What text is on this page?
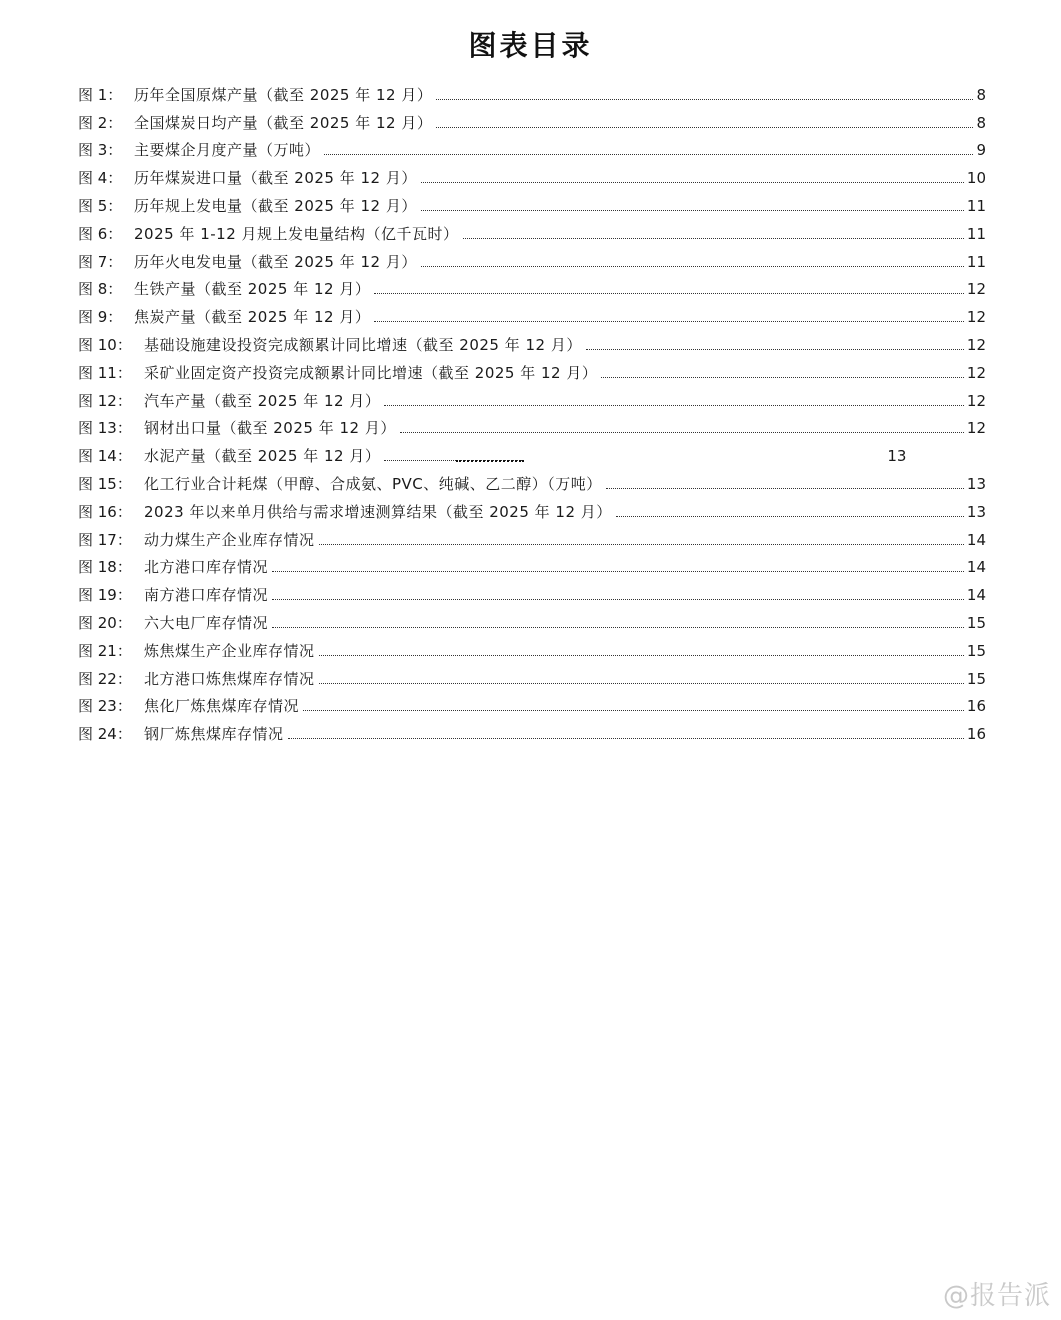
图表目录
图 1： 历年全国原煤产量（截至 2025 年 12 月）	8
图 2： 全国煤炭日均产量（截至 2025 年 12 月）	8
图 3： 主要煤企月度产量（万吨）	9
图 4： 历年煤炭进口量（截至 2025 年 12 月）	10
图 5： 历年规上发电量（截至 2025 年 12 月）	11
图 6： 2025 年 1-12 月规上发电量结构（亿千瓦时）	11
图 7： 历年火电发电量（截至 2025 年 12 月）	11
图 8： 生铁产量（截至 2025 年 12 月）	12
图 9： 焦炭产量（截至 2025 年 12 月）	12
图 10： 基础设施建设投资完成额累计同比增速（截至 2025 年 12 月）	12
图 11： 采矿业固定资产投资完成额累计同比增速（截至 2025 年 12 月）	12
图 12： 汽车产量（截至 2025 年 12 月）	12
图 13： 钢材出口量（截至 2025 年 12 月）	12
图 14： 水泥产量（截至 2025 年 12 月）	13
图 15： 化工行业合计耗煤（甲醇、合成氨、PVC、纯碱、乙二醇）（万吨）	13
图 16： 2023 年以来单月供给与需求增速测算结果（截至 2025 年 12 月）	13
图 17： 动力煤生产企业库存情况	14
图 18： 北方港口库存情况	14
图 19： 南方港口库存情况	14
图 20： 六大电厂库存情况	15
图 21： 炼焦煤生产企业库存情况	15
图 22： 北方港口炼焦煤库存情况	15
图 23： 焦化厂炼焦煤库存情况	16
图 24： 钢厂炼焦煤库存情况	16
@报告派
